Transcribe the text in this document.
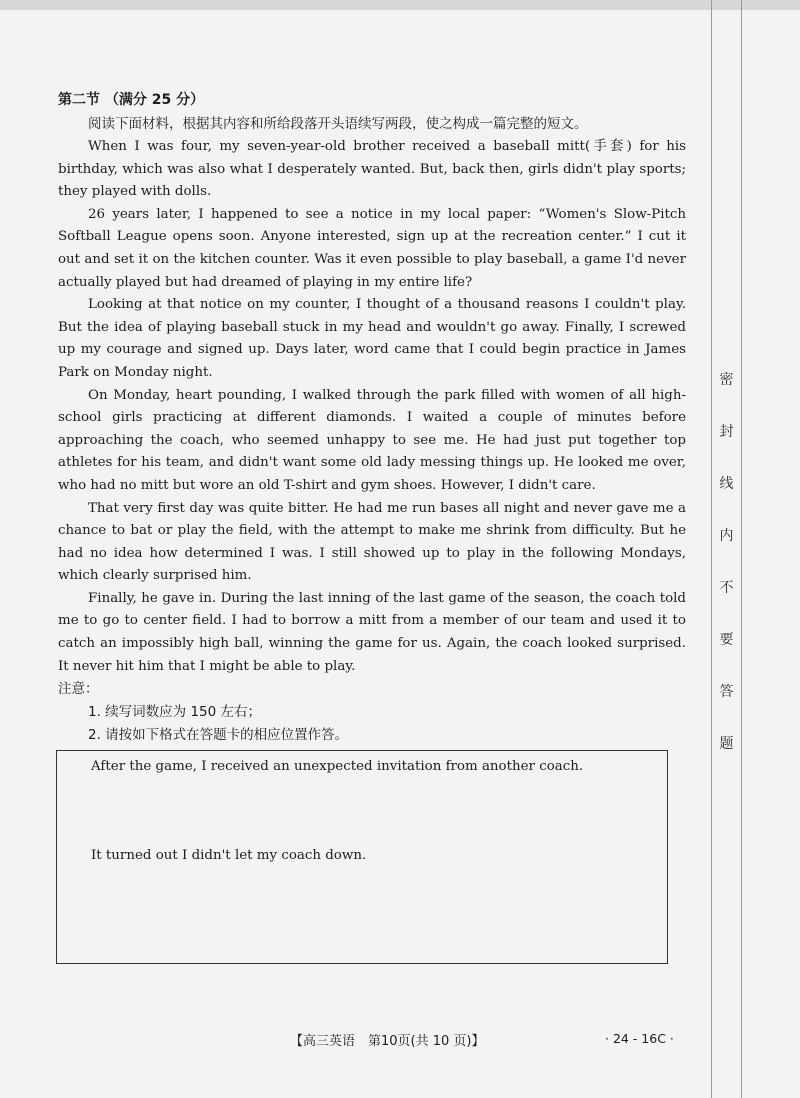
密
封
线
内
不
要
答
题
第二节 （满分 25 分）
阅读下面材料，根据其内容和所给段落开头语续写两段，使之构成一篇完整的短文。

When I was four, my seven-year-old brother received a baseball mitt(手套) for his birthday, which was also what I desperately wanted. But, back then, girls didn't play sports; they played with dolls.

26 years later, I happened to see a notice in my local paper: “Women's Slow-Pitch Softball League opens soon. Anyone interested, sign up at the recreation center.” I cut it out and set it on the kitchen counter. Was it even possible to play baseball, a game I'd never actually played but had dreamed of playing in my entire life?

Looking at that notice on my counter, I thought of a thousand reasons I couldn't play. But the idea of playing baseball stuck in my head and wouldn't go away. Finally, I screwed up my courage and signed up. Days later, word came that I could begin practice in James Park on Monday night.

On Monday, heart pounding, I walked through the park filled with women of all high-school girls practicing at different diamonds. I waited a couple of minutes before approaching the coach, who seemed unhappy to see me. He had just put together top athletes for his team, and didn't want some old lady messing things up. He looked me over, who had no mitt but wore an old T-shirt and gym shoes. However, I didn't care.

That very first day was quite bitter. He had me run bases all night and never gave me a chance to bat or play the field, with the attempt to make me shrink from difficulty. But he had no idea how determined I was. I still showed up to play in the following Mondays, which clearly surprised him.

Finally, he gave in. During the last inning of the last game of the season, the coach told me to go to center field. I had to borrow a mitt from a member of our team and used it to catch an impossibly high ball, winning the game for us. Again, the coach looked surprised. It never hit him that I might be able to play.

注意：
1. 续写词数应为 150 左右；
2. 请按如下格式在答题卡的相应位置作答。
After the game, I received an unexpected invitation from another coach.
It turned out I didn't let my coach down.
【高三英语　第10页(共 10 页)】	· 24 - 16C ·
